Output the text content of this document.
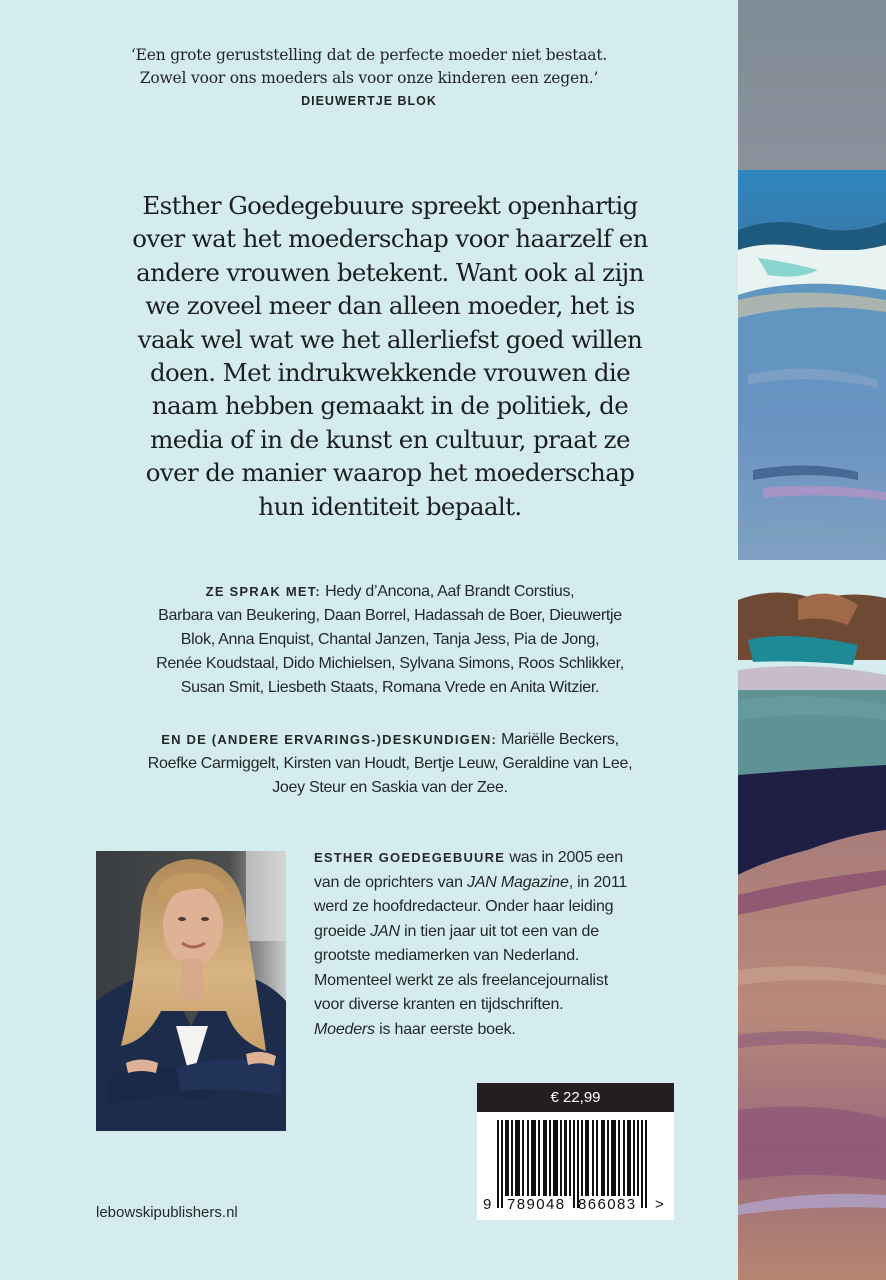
‘Een grote geruststelling dat de perfecte moeder niet bestaat.
Zowel voor ons moeders als voor onze kinderen een zegen.’
DIEUWERTJE BLOK
Esther Goedegebuure spreekt openhartig
over wat het moederschap voor haarzelf en
andere vrouwen betekent. Want ook al zijn
we zoveel meer dan alleen moeder, het is
vaak wel wat we het allerliefst goed willen
doen. Met indrukwekkende vrouwen die
naam hebben gemaakt in de politiek, de
media of in de kunst en cultuur, praat ze
over de manier waarop het moederschap
hun identiteit bepaalt.
ZE SPRAK MET: Hedy d’Ancona, Aaf Brandt Corstius,
Barbara van Beukering, Daan Borrel, Hadassah de Boer, Dieuwertje
Blok, Anna Enquist, Chantal Janzen, Tanja Jess, Pia de Jong,
Renée Koudstaal, Dido Michielsen, Sylvana Simons, Roos Schlikker,
Susan Smit, Liesbeth Staats, Romana Vrede en Anita Witzier.
EN DE (ANDERE ERVARINGS-)DESKUNDIGEN: Mariëlle Beckers,
Roefke Carmiggelt, Kirsten van Houdt, Bertje Leuw, Geraldine van Lee,
Joey Steur en Saskia van der Zee.
ESTHER GOEDEGEBUURE was in 2005 een
van de oprichters van JAN Magazine, in 2011
werd ze hoofdredacteur. Onder haar leiding
groeide JAN in tien jaar uit tot een van de
grootste mediamerken van Nederland.
Momenteel werkt ze als freelancejournalist
voor diverse kranten en tijdschriften.
Moeders is haar eerste boek.
€ 22,99
9 789048 866083 >
lebowskipublishers.nl
